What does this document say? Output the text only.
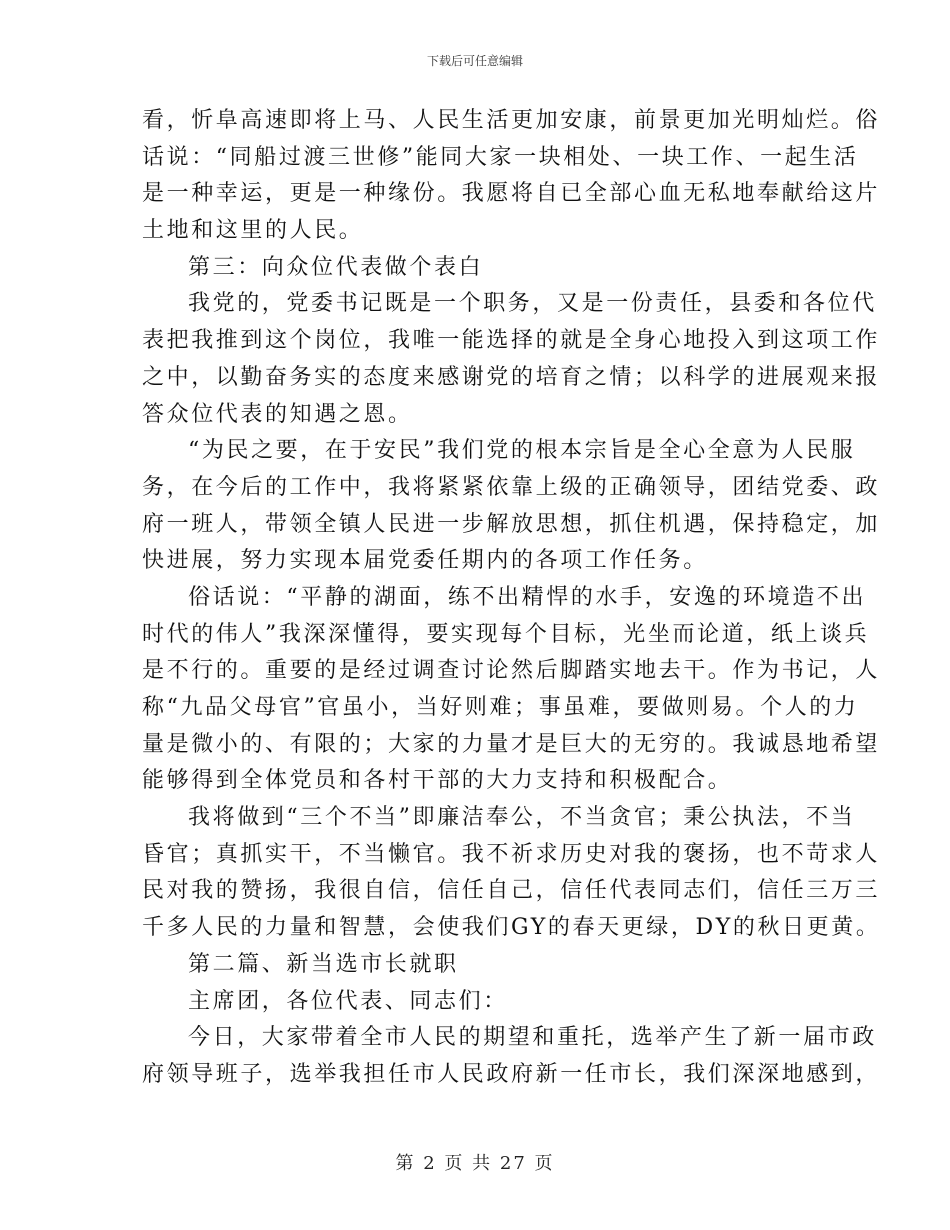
下载后可任意编辑
看，忻阜高速即将上马、人民生活更加安康，前景更加光明灿烂。俗
话说：“同船过渡三世修”能同大家一块相处、一块工作、一起生活
是一种幸运，更是一种缘份。我愿将自已全部心血无私地奉献给这片
土地和这里的人民。
第三：向众位代表做个表白
我党的，党委书记既是一个职务，又是一份责任，县委和各位代
表把我推到这个岗位，我唯一能选择的就是全身心地投入到这项工作
之中，以勤奋务实的态度来感谢党的培育之情；以科学的进展观来报
答众位代表的知遇之恩。
“为民之要，在于安民”我们党的根本宗旨是全心全意为人民服
务，在今后的工作中，我将紧紧依靠上级的正确领导，团结党委、政
府一班人，带领全镇人民进一步解放思想，抓住机遇，保持稳定，加
快进展，努力实现本届党委任期内的各项工作任务。
俗话说：“平静的湖面，练不出精悍的水手，安逸的环境造不出
时代的伟人”我深深懂得，要实现每个目标，光坐而论道，纸上谈兵
是不行的。重要的是经过调查讨论然后脚踏实地去干。作为书记，人
称“九品父母官”官虽小，当好则难；事虽难，要做则易。个人的力
量是微小的、有限的；大家的力量才是巨大的无穷的。我诚恳地希望
能够得到全体党员和各村干部的大力支持和积极配合。
我将做到“三个不当”即廉洁奉公，不当贪官；秉公执法，不当
昏官；真抓实干，不当懒官。我不祈求历史对我的褒扬，也不苛求人
民对我的赞扬，我很自信，信任自己，信任代表同志们，信任三万三
千多人民的力量和智慧，会使我们GY的春天更绿，DY的秋日更黄。
第二篇、新当选市长就职
主席团，各位代表、同志们：
今日，大家带着全市人民的期望和重托，选举产生了新一届市政
府领导班子，选举我担任市人民政府新一任市长，我们深深地感到，
第 2 页 共 27 页
